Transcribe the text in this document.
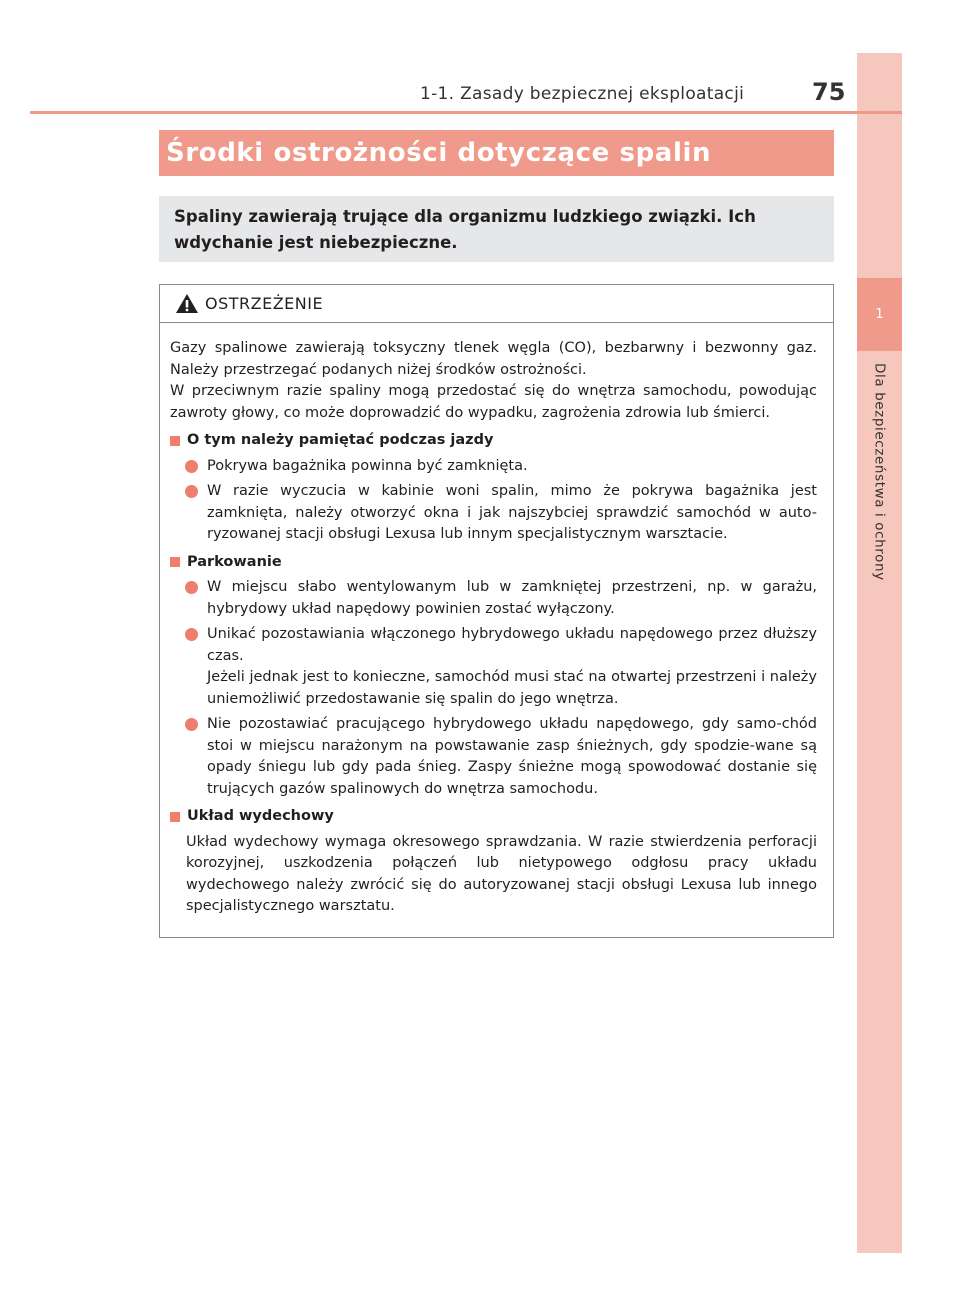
1
Dla bezpieczeństwa i ochrony
1-1. Zasady bezpiecznej eksploatacji	75
Środki ostrożności dotyczące spalin
Spaliny zawierają trujące dla organizmu ludzkiego związki. Ich wdychanie jest niebezpieczne.
OSTRZEŻENIE
Gazy spalinowe zawierają toksyczny tlenek węgla (CO), bezbarwny i bezwonny gaz. Należy przestrzegać podanych niżej środków ostrożności.
W przeciwnym razie spaliny mogą przedostać się do wnętrza samochodu, powodując zawroty głowy, co może doprowadzić do wypadku, zagrożenia zdrowia lub śmierci.
O tym należy pamiętać podczas jazdy
Pokrywa bagażnika powinna być zamknięta.
W razie wyczucia w kabinie woni spalin, mimo że pokrywa bagażnika jest zamknięta, należy otworzyć okna i jak najszybciej sprawdzić samochód w auto-ryzowanej stacji obsługi Lexusa lub innym specjalistycznym warsztacie.
Parkowanie
W miejscu słabo wentylowanym lub w zamkniętej przestrzeni, np. w garażu, hybrydowy układ napędowy powinien zostać wyłączony.
Unikać pozostawiania włączonego hybrydowego układu napędowego przez dłuższy czas.
Jeżeli jednak jest to konieczne, samochód musi stać na otwartej przestrzeni i należy uniemożliwić przedostawanie się spalin do jego wnętrza.
Nie pozostawiać pracującego hybrydowego układu napędowego, gdy samo-chód stoi w miejscu narażonym na powstawanie zasp śnieżnych, gdy spodzie-wane są opady śniegu lub gdy pada śnieg. Zaspy śnieżne mogą spowodować dostanie się trujących gazów spalinowych do wnętrza samochodu.
Układ wydechowy
Układ wydechowy wymaga okresowego sprawdzania. W razie stwierdzenia perforacji korozyjnej, uszkodzenia połączeń lub nietypowego odgłosu pracy układu wydechowego należy zwrócić się do autoryzowanej stacji obsługi Lexusa lub innego specjalistycznego warsztatu.
